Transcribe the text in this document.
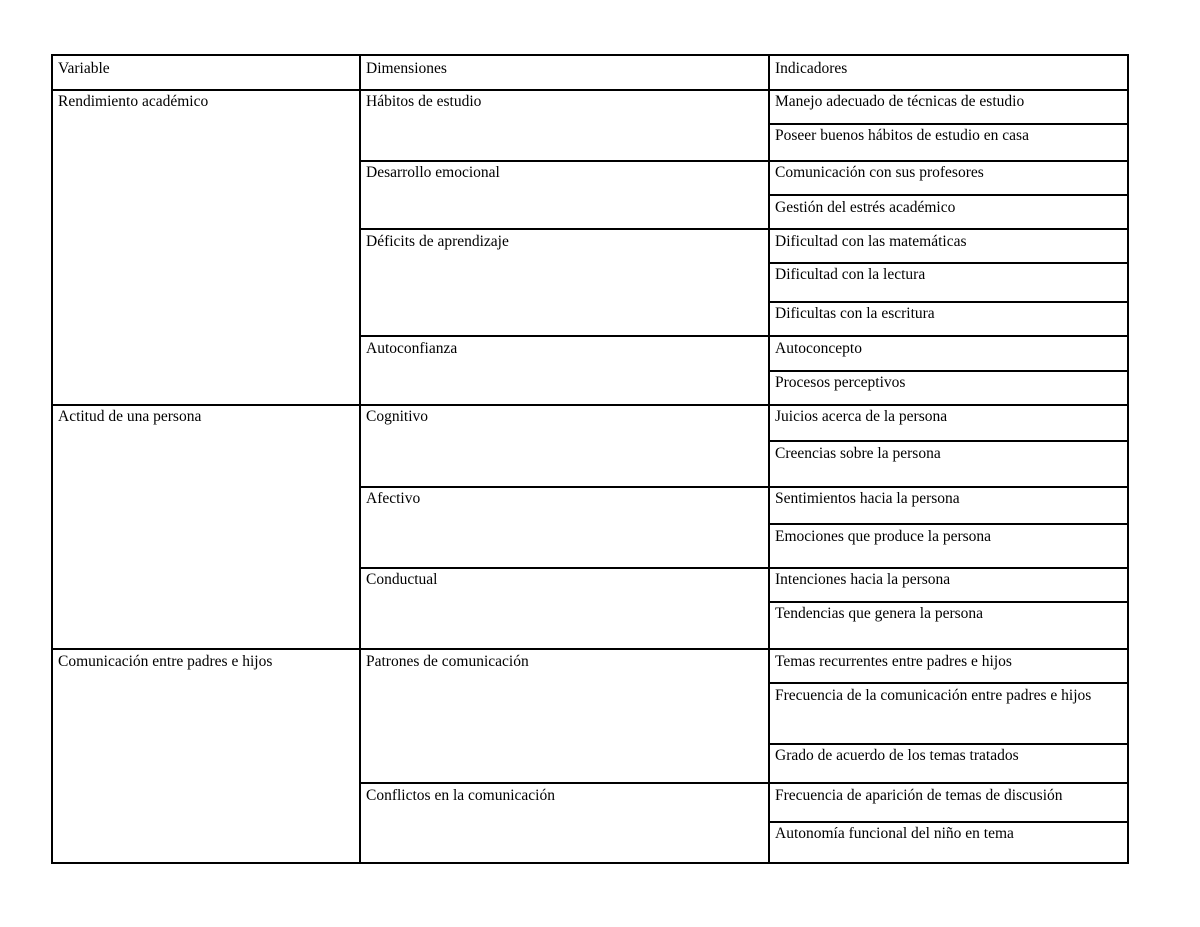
Variable	Dimensiones	Indicadores
Rendimiento académico	Hábitos de estudio	Manejo adecuado de técnicas de estudio
Poseer buenos hábitos de estudio en casa
Desarrollo emocional	Comunicación con sus profesores
Gestión del estrés académico
Déficits de aprendizaje	Dificultad con las matemáticas
Dificultad con la lectura
Dificultas con la escritura
Autoconfianza	Autoconcepto
Procesos perceptivos
Actitud de una persona	Cognitivo	Juicios acerca de la persona
Creencias sobre la persona
Afectivo	Sentimientos hacia la persona
Emociones que produce la persona
Conductual	Intenciones hacia la persona
Tendencias que genera la persona
Comunicación entre padres e hijos	Patrones de comunicación	Temas recurrentes entre padres e hijos
Frecuencia de la comunicación entre padres e hijos
Grado de acuerdo de los temas tratados
Conflictos en la comunicación	Frecuencia de aparición de temas de discusión
Autonomía funcional del niño en tema
